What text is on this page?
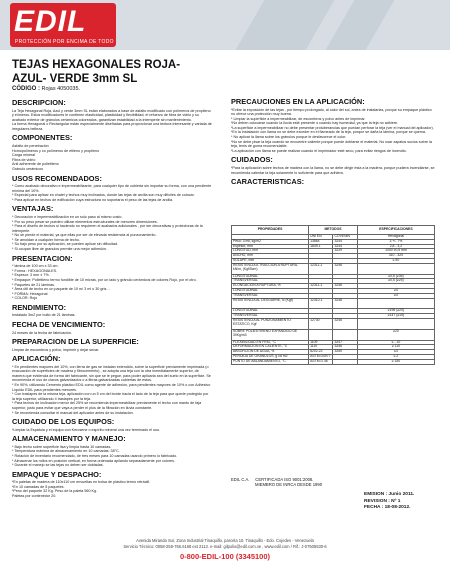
EDIL
PROTECCIÓN POR ENCIMA DE TODO
TEJAS HEXAGONALES ROJA- AZUL- VERDE 3mm SL
CÓDIGO : Rojas 4050035.
DESCRIPCION:

La Teja Hexagonal Roja, Azul y verde 3mm SL están elaborados a base de asfalto modificado con polímeros de propileno y elímeros. Estos modificadores le confieren elasticidad, plasticidad y flexibilidad; el refuerzo de fibra de vidrio y su acabado exterior de gránulos cerámicos coloreados, garantizan estabilidad a la intemperie sin mantenimiento.

La forma Hexagonal o Rectangular están especialmente diseñadas para proporcionar una textura interesante y variada de irregulares belleza.

COMPONENTES:

Asfalto de penetración

Homopolímeros y co polímeros de etileno y propileno

Carga mineral

Fibra de vidrio

Anti adherente de polietileno

Gránulo cerámicos

USOS RECOMENDADOS:

* Como acabado decorativo e impermeabilizante, para cualquier tipo de cubierta sin importar su forma, con una pendiente mínima del 10%.

* Especial para aplicar en chalet y techos muy inclinados, donde las tejas de arcilla son muy difíciles de colocar.

* Para aplicar en techos de edificación cuya estructura no soportaría el peso de las tejas de arcilla.

VENTAJAS:

* Decoración e impermeabilización en un solo paso al mismo costo.

* Por su peso pesar se pueden utilizar elementos estructurales de menores dimensiones.

* Para el diseño de techos si haciendo no requieren el acabados adicionales , por ser decorativas y protectoras de la intemperie.

* No se pierde el material, ya que ellas por ser de elevada resistencia al punzonamiento.

* Se amoldan a cualquier forma de techo.

* Su bajo peso por su aplicación, se pueden aplicar sin dificultad.

* Si ocupan libre de granulos permite una mejor adhesión.

PRESENTACION:

* lámina de 100 cm x 33 cm.

* Forma : HEXAGONALES.

* Espesor: 3 mm ± 7%.

* Empaque: Polietileno termo fundible de 10 micras, por un lado y gránulo cerámicos de colores Rojo, por el otro.

* Paquetes de 21 láminas.

* Área útil de techo en un paquete de 10 m/ 3 ml o 30 gris…

* FORMA: Hexagonal

* COLOR: Rojo

RENDIMIENTO:

Instalado 3m2 por bulto de 21 láminas.

FECHA DE VENCIMIENTO:

24 meses de la fecha de fabricación.

PREPARACION DE LA SUPERFICIE:

Limpiar de escombros y polvo, imprimir y dejar secar.

APLICACIÓN:

* En pendientes mayores del 10%, con tierra de gas se instalan extendido, sobre la superficie previamente imprimada (o evacuación de superficies de madera y fibrocemento) , se adopta una teja con la otra inmediatamente superior, de manera que evidencia de forma del fabricante, sin que se le pegue, para poder aplicarla sea del suelo en la superficie. Se recomienda el uso de clavos galvanizados o a fibras galvanizadas cubiertas de estos.

* En 90%, utilizando Cemento plástico EDIL como agente de adhesión, para pendientes mayores de 10% o con Adhesivo Líquido EDIL para pendientes menores.

* Con traslapes de la misma teja, aplicación con un 5 cm del borde hacia el lado de la teja para que quede protegido por la teja superior, utilizando 4 traslapes por la teja.

* Para techos de inclinación menor del 25% se recomienda impermeabilizar previamente el techo con manto de faja superior, justo para evitar que vaya a perder el plus de la filtración en lluvia constante.

* Se recomienda consultar el manual del aplicador antes de su instalación.

CUIDADO DE LOS EQUIPOS:

*Limpiar la Espátula y el equipo con Kerosene o espíritu mineral una vez terminado el uso.

ALMACENAMIENTO Y MANEJO:

* Bajo techo sobre superficie lisa y limpia hasta 10 camadas.

* Temperatura máxima de almacenamiento en 10 camadas: 38°C.

* Rotación de inventario recomendado, de tres meses para 10 camadas usando primero lo fabricado.

* Almacenar los rollos en posición vertical, en forma ordenada apilando separadamente por colores.

* Durante el manejo se las tejas no deben ser dobladas.

EMPAQUE Y DESPACHO:

*En paletas de madera de 110x110 cm envueltas en bolsa de plástico termo retráctil.

*En 10 camadas de 5 paquetes.

*Peso del paquete 32 Kg. Peso de la paleta 560 Kg.

Paletas por contenedor 20.

PRECAUCIONES EN LA APLICACIÓN:

*Evitar la exposición de las tejas , por tiempo prolongado, al calor del sol, antes de instalarlas, porque su empaque plástico no ofrece una protección muy buena.

* Limpiar la superficie a impermeabilizar, de escombros y polvo antes de imprimar.

*No deben colocarse cuando la lluvia esté presente o cuando hay humedad, ya que la teja no adhiere.

*La superficie a impermeabilizar no debe presentar protuberancias que puedan perforar la teja (ver el manual del aplicador).

*En la instalación con llama no se debe exceder en el flameado de la teja, porque se daña la lámina, porque se quema.

* No aplicar la llama sobre los gránulos porque le desfavorece el color.

*No se debe pisar la teja cuando se encuentre caliente porque puede doblarse el material. No usar zapatos sucios sobre la teja, tenis de goma recomendable.

*La aplicación con llama se puede realizar cuando el imprimador esté seco, para evitar riesgos de incendio.

CUIDADOS:

*Para la aplicación sobre techos de madera con la llama, no se debe dirigir ésta a la madera, porque pudiera incendiarse, se recomienda calentar la teja solamente lo suficiente para que adhiera.

CARACTERISTICAS:
PROPIEDADES	METODOS		ESPECIFICACIONES
	UNI EN	COVENIN	Hexagonal
Peso: 3 mil, kg/m2	13864	3244	3 +/- 7%
Espesor, mm	1849-1	3244	2,8 - 3,2
LONGITUD, mm		3229	1000 ±0,5 mm
ANCHO, mm			310 - 320
SOLAPE, mm			≤ 50
RESISTENCIA A TRACCION A RUPTURA, kN/m, (Kgf/5cm)	12311-1	3246	
LONGITUDINAL			≥0,5 (≥35)
TRANSVERSAL			≥0,5 (≥25)
ELONGACION A RUPTURA, %	12311-1	3246	
LONGITUDINAL			≥4
TRANSVERSAL			≥4
RESISTENCIA AL DESGARRE, N (Kgf)	12310-1	3248	
LONGITUDINAL			≥196 (≥20)
TRANSVERSAL			≥147 (≥15)
RESISTENCIA AL PUNZONAMIENTO ESTATICO, Kgf	12730	3246	
SOBRE POLIESTIRENO EXPANDIDO DE 30Kg/m3			≥20
FLEXIBILIDAD EN FRIO, °C	1109	3247	≤ - 10
DEFORMACION EN CALIENTE, °C	1110	3246	≥ 110
ABSORCION DE AGUA, %	8202-22	3250	≤3
PERDIDA DE GRANULOS, g cd m2	ASTM D4977		≤ 2
PUNTO DE ABLANDAMIENTO, °C	ASTM D 36		≥ 150
EDIL C.A. CERTIFICADA ISO 9001:2008.
MIEMBRO DE INRCA DESDE 1990
EMISION : Junio 2011.
REVISION : Nº 1
FECHA : 18-08-2012.
Avenida Miranda Sur, Zona Industrial Tinaquillo, parcela 10. Tinaquillo - Edo. Cojedes - Venezuela
Servicio Técnico: 0058-258-766.6168 ext 2113. e-mail: gilpolio@edil.com.ve , www.edil.com / Rif.: J-07505530-6
0-800-EDIL-100 (3345100)
